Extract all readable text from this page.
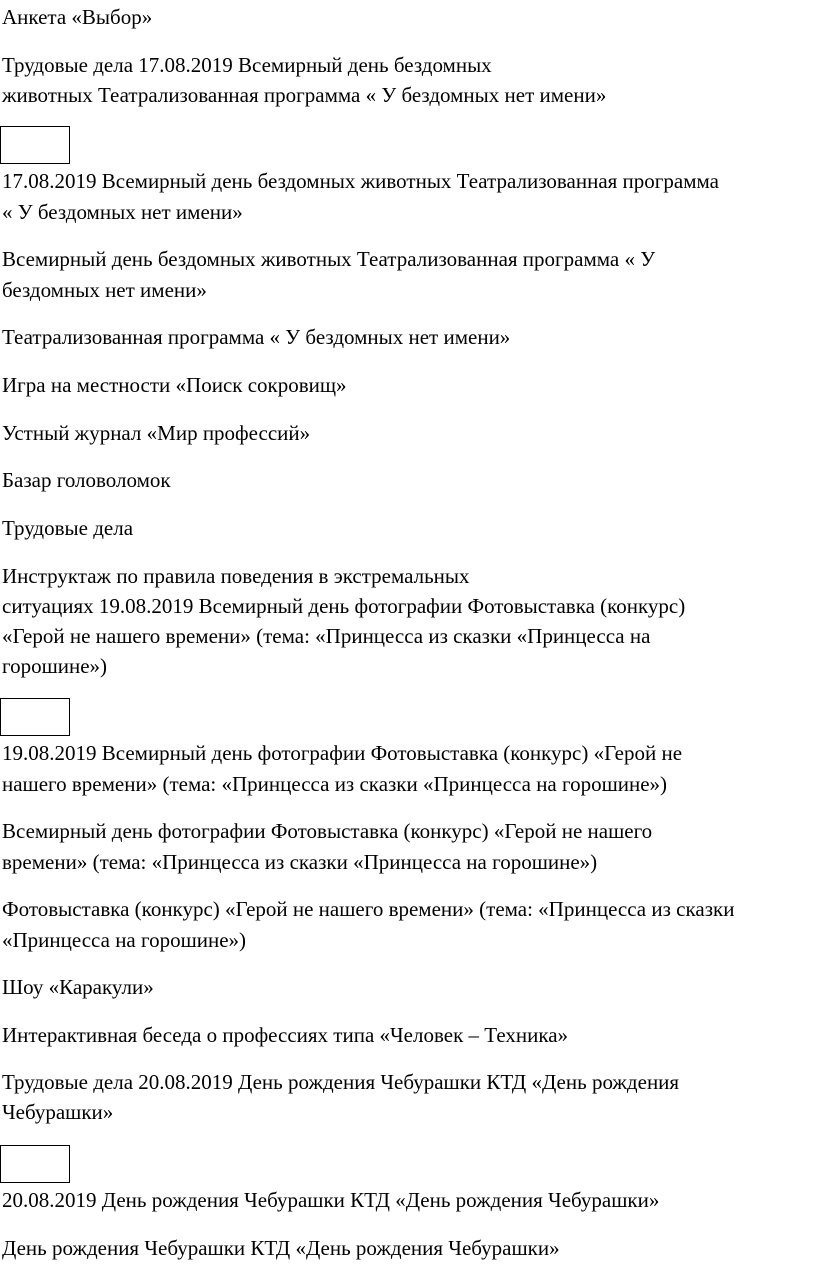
Анкета «Выбор»

Трудовые дела 17.08.2019 Всемирный день бездомных

животных Театрализованная программа « У бездомных нет имени»

17.08.2019 Всемирный день бездомных животных Театрализованная программа

« У бездомных нет имени»

Всемирный день бездомных животных Театрализованная программа « У

бездомных нет имени»

Театрализованная программа « У бездомных нет имени»

Игра на местности «Поиск сокровищ»

Устный журнал «Мир профессий»

Базар головоломок

Трудовые дела

Инструктаж по правила поведения в экстремальных

ситуациях 19.08.2019 Всемирный день фотографии Фотовыставка (конкурс)

«Герой не нашего времени» (тема: «Принцесса из сказки «Принцесса на

горошине»)

19.08.2019 Всемирный день фотографии Фотовыставка (конкурс) «Герой не

нашего времени» (тема: «Принцесса из сказки «Принцесса на горошине»)

Всемирный день фотографии Фотовыставка (конкурс) «Герой не нашего

времени» (тема: «Принцесса из сказки «Принцесса на горошине»)

Фотовыставка (конкурс) «Герой не нашего времени» (тема: «Принцесса из сказки

«Принцесса на горошине»)

Шоу «Каракули»

Интерактивная беседа о профессиях типа «Человек – Техника»

Трудовые дела 20.08.2019 День рождения Чебурашки КТД «День рождения

Чебурашки»

20.08.2019 День рождения Чебурашки КТД «День рождения Чебурашки»

День рождения Чебурашки КТД «День рождения Чебурашки»
